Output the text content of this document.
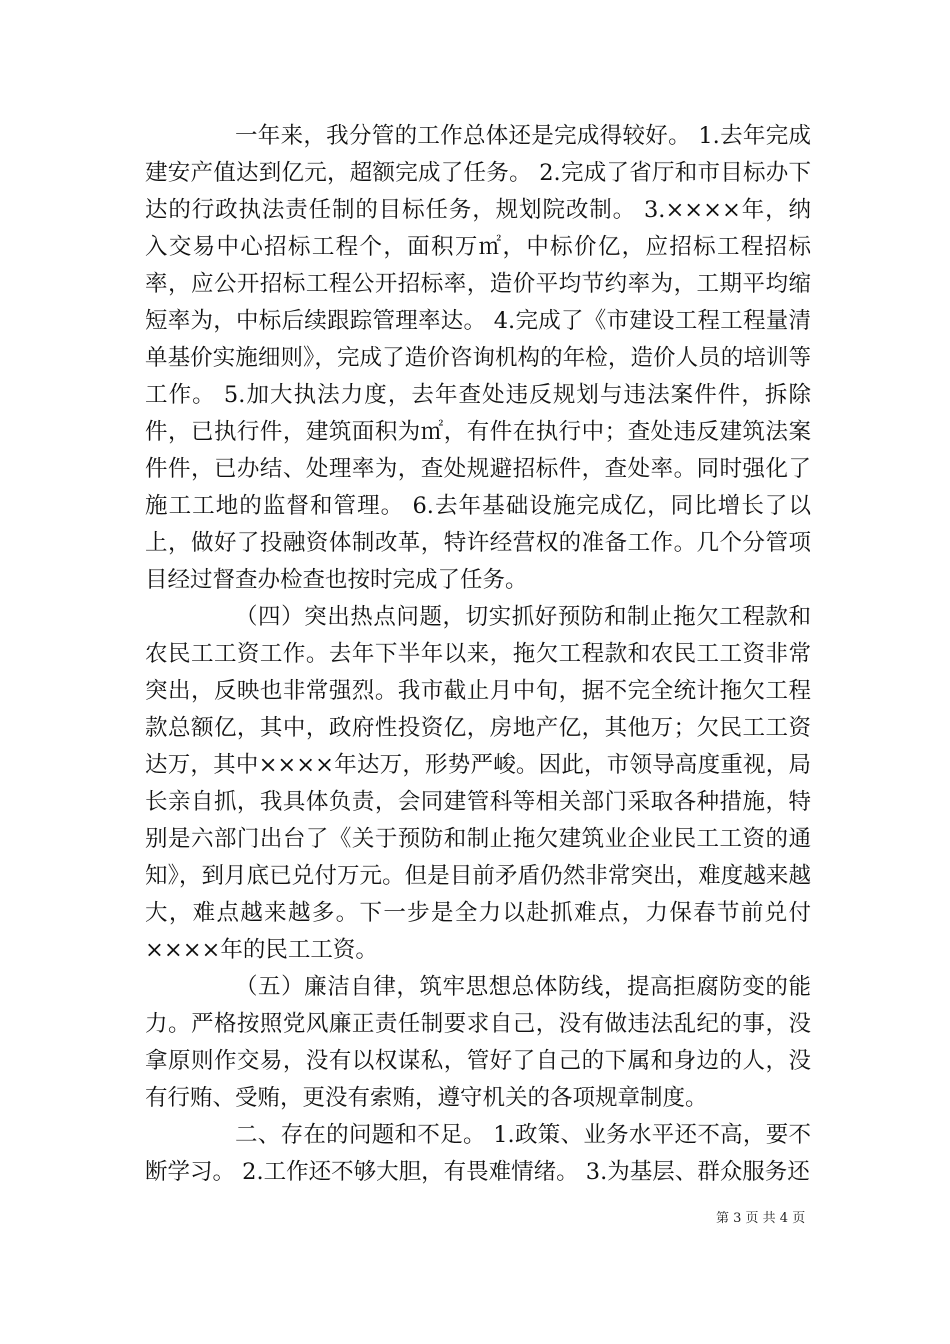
一年来，我分管的工作总体还是完成得较好。 1.去年完成建安产值达到亿元，超额完成了任务。 2.完成了省厅和市目标办下达的行政执法责任制的目标任务，规划院改制。 3.××××年，纳入交易中心招标工程个，面积万㎡，中标价亿，应招标工程招标率，应公开招标工程公开招标率，造价平均节约率为，工期平均缩短率为，中标后续跟踪管理率达。 4.完成了《市建设工程工程量清单基价实施细则》，完成了造价咨询机构的年检，造价人员的培训等工作。 5.加大执法力度，去年查处违反规划与违法案件件，拆除件，已执行件，建筑面积为㎡，有件在执行中；查处违反建筑法案件件，已办结、处理率为，查处规避招标件，查处率。同时强化了施工工地的监督和管理。 6.去年基础设施完成亿，同比增长了以上，做好了投融资体制改革，特许经营权的准备工作。几个分管项目经过督查办检查也按时完成了任务。

（四）突出热点问题，切实抓好预防和制止拖欠工程款和农民工工资工作。去年下半年以来，拖欠工程款和农民工工资非常突出，反映也非常强烈。我市截止月中旬，据不完全统计拖欠工程款总额亿，其中，政府性投资亿，房地产亿，其他万；欠民工工资达万，其中××××年达万，形势严峻。因此，市领导高度重视，局长亲自抓，我具体负责，会同建管科等相关部门采取各种措施，特别是六部门出台了《关于预防和制止拖欠建筑业企业民工工资的通知》，到月底已兑付万元。但是目前矛盾仍然非常突出，难度越来越大，难点越来越多。下一步是全力以赴抓难点，力保春节前兑付××××年的民工工资。

（五）廉洁自律，筑牢思想总体防线，提高拒腐防变的能力。严格按照党风廉正责任制要求自己，没有做违法乱纪的事，没拿原则作交易，没有以权谋私，管好了自己的下属和身边的人，没有行贿、受贿，更没有索贿，遵守机关的各项规章制度。

二、存在的问题和不足。 1.政策、业务水平还不高，要不断学习。 2.工作还不够大胆，有畏难情绪。 3.为基层、群众服务还

第 3 页 共 4 页
